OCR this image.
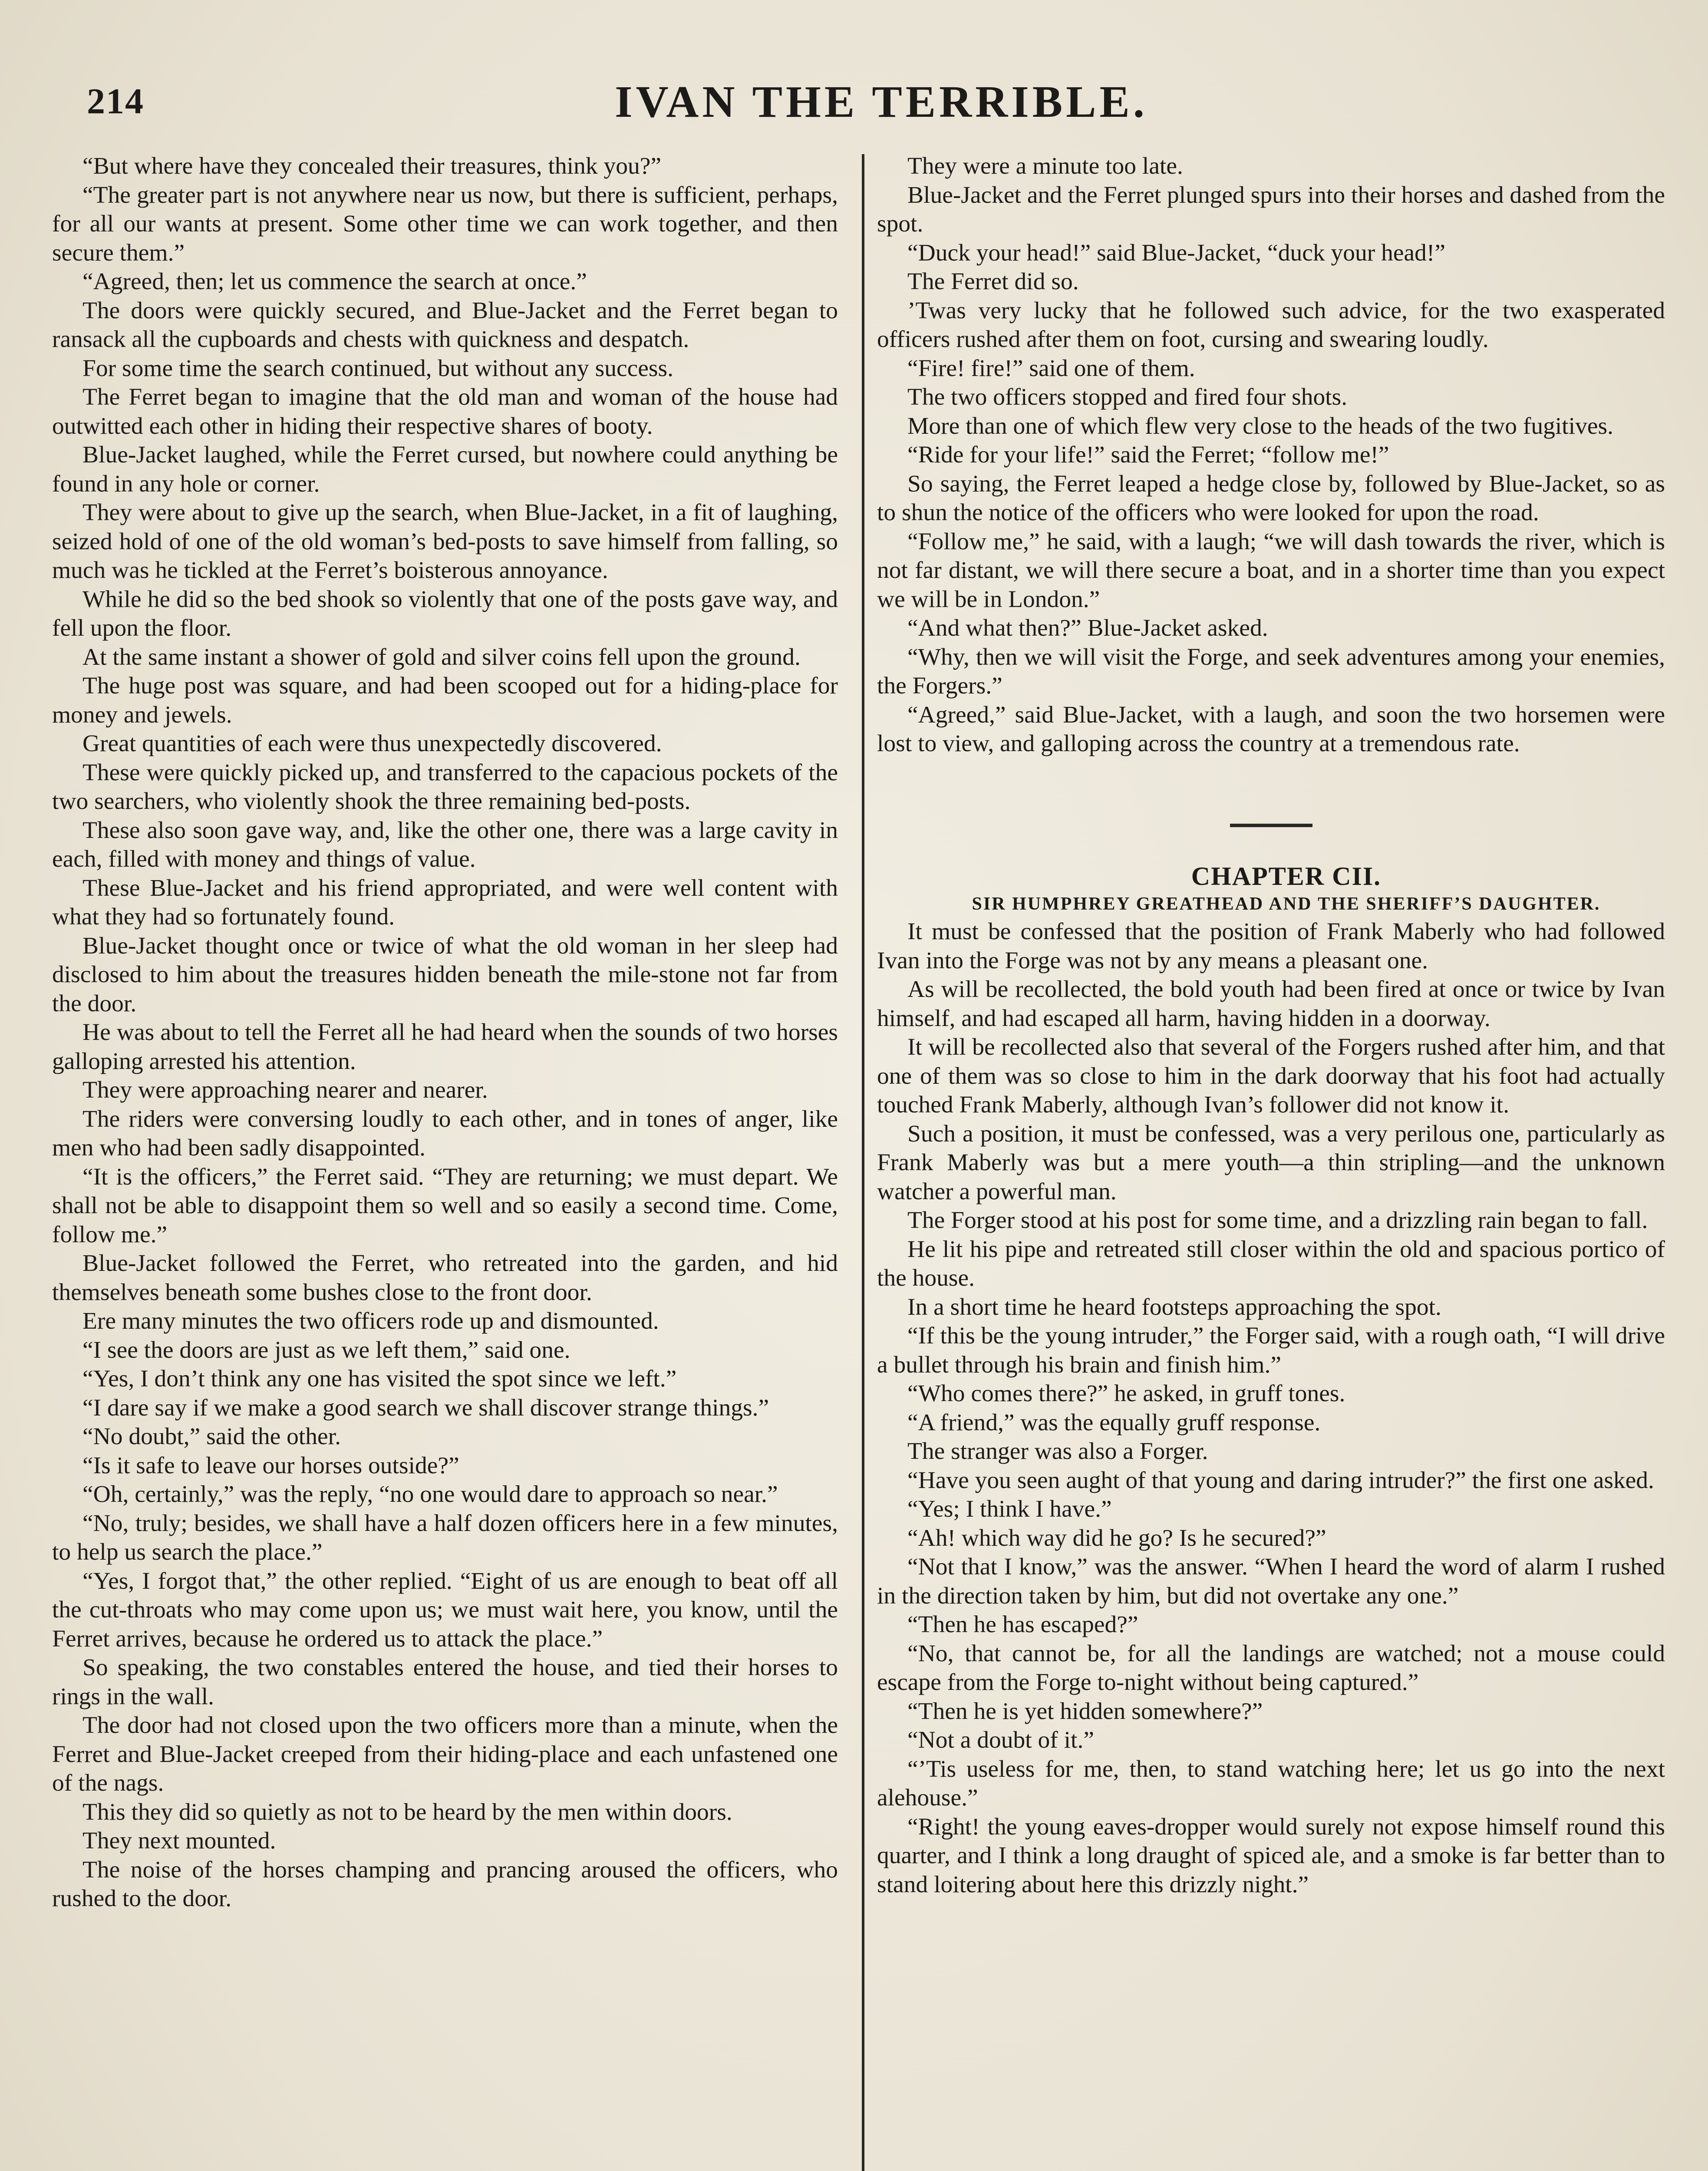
214	IVAN THE TERRIBLE.

“But where have they concealed their treasures, think you?”

“The greater part is not anywhere near us now, but there is sufficient, perhaps, for all our wants at present. Some other time we can work together, and then secure them.”

“Agreed, then; let us commence the search at once.”

The doors were quickly secured, and Blue-Jacket and the Ferret began to ransack all the cupboards and chests with quickness and despatch.

For some time the search continued, but without any success.

The Ferret began to imagine that the old man and woman of the house had outwitted each other in hiding their respective shares of booty.

Blue-Jacket laughed, while the Ferret cursed, but nowhere could anything be found in any hole or corner.

They were about to give up the search, when Blue-Jacket, in a fit of laughing, seized hold of one of the old woman’s bed-posts to save himself from falling, so much was he tickled at the Ferret’s boisterous annoyance.

While he did so the bed shook so violently that one of the posts gave way, and fell upon the floor.

At the same instant a shower of gold and silver coins fell upon the ground.

The huge post was square, and had been scooped out for a hiding-place for money and jewels.

Great quantities of each were thus unexpectedly discovered.

These were quickly picked up, and transferred to the capacious pockets of the two searchers, who violently shook the three remaining bed-posts.

These also soon gave way, and, like the other one, there was a large cavity in each, filled with money and things of value.

These Blue-Jacket and his friend appropriated, and were well content with what they had so fortunately found.

Blue-Jacket thought once or twice of what the old woman in her sleep had disclosed to him about the treasures hidden beneath the mile-stone not far from the door.

He was about to tell the Ferret all he had heard when the sounds of two horses galloping arrested his attention.

They were approaching nearer and nearer.

The riders were conversing loudly to each other, and in tones of anger, like men who had been sadly disappointed.

“It is the officers,” the Ferret said. “They are returning; we must depart. We shall not be able to disappoint them so well and so easily a second time. Come, follow me.”

Blue-Jacket followed the Ferret, who retreated into the garden, and hid themselves beneath some bushes close to the front door.

Ere many minutes the two officers rode up and dismounted.

“I see the doors are just as we left them,” said one.

“Yes, I don’t think any one has visited the spot since we left.”

“I dare say if we make a good search we shall discover strange things.”

“No doubt,” said the other.

“Is it safe to leave our horses outside?”

“Oh, certainly,” was the reply, “no one would dare to approach so near.”

“No, truly; besides, we shall have a half dozen officers here in a few minutes, to help us search the place.”

“Yes, I forgot that,” the other replied. “Eight of us are enough to beat off all the cut-throats who may come upon us; we must wait here, you know, until the Ferret arrives, because he ordered us to attack the place.”

So speaking, the two constables entered the house, and tied their horses to rings in the wall.

The door had not closed upon the two officers more than a minute, when the Ferret and Blue-Jacket creeped from their hiding-place and each unfastened one of the nags.

This they did so quietly as not to be heard by the men within doors.

They next mounted.

The noise of the horses champing and prancing aroused the officers, who rushed to the door.

They were a minute too late.

Blue-Jacket and the Ferret plunged spurs into their horses and dashed from the spot.

“Duck your head!” said Blue-Jacket, “duck your head!”

The Ferret did so.

’Twas very lucky that he followed such advice, for the two exasperated officers rushed after them on foot, cursing and swearing loudly.

“Fire! fire!” said one of them.

The two officers stopped and fired four shots.

More than one of which flew very close to the heads of the two fugitives.

“Ride for your life!” said the Ferret; “follow me!”

So saying, the Ferret leaped a hedge close by, followed by Blue-Jacket, so as to shun the notice of the officers who were looked for upon the road.

“Follow me,” he said, with a laugh; “we will dash towards the river, which is not far distant, we will there secure a boat, and in a shorter time than you expect we will be in London.”

“And what then?” Blue-Jacket asked.

“Why, then we will visit the Forge, and seek adventures among your enemies, the Forgers.”

“Agreed,” said Blue-Jacket, with a laugh, and soon the two horsemen were lost to view, and galloping across the country at a tremendous rate.

CHAPTER CII.

SIR HUMPHREY GREATHEAD AND THE SHERIFF’S DAUGHTER.

It must be confessed that the position of Frank Maberly who had followed Ivan into the Forge was not by any means a pleasant one.

As will be recollected, the bold youth had been fired at once or twice by Ivan himself, and had escaped all harm, having hidden in a doorway.

It will be recollected also that several of the Forgers rushed after him, and that one of them was so close to him in the dark doorway that his foot had actually touched Frank Maberly, although Ivan’s follower did not know it.

Such a position, it must be confessed, was a very perilous one, particularly as Frank Maberly was but a mere youth—a thin stripling—and the unknown watcher a powerful man.

The Forger stood at his post for some time, and a drizzling rain began to fall.

He lit his pipe and retreated still closer within the old and spacious portico of the house.

In a short time he heard footsteps approaching the spot.

“If this be the young intruder,” the Forger said, with a rough oath, “I will drive a bullet through his brain and finish him.”

“Who comes there?” he asked, in gruff tones.

“A friend,” was the equally gruff response.

The stranger was also a Forger.

“Have you seen aught of that young and daring intruder?” the first one asked.

“Yes; I think I have.”

“Ah! which way did he go? Is he secured?”

“Not that I know,” was the answer. “When I heard the word of alarm I rushed in the direction taken by him, but did not overtake any one.”

“Then he has escaped?”

“No, that cannot be, for all the landings are watched; not a mouse could escape from the Forge to-night without being captured.”

“Then he is yet hidden somewhere?”

“Not a doubt of it.”

“’Tis useless for me, then, to stand watching here; let us go into the next alehouse.”

“Right! the young eaves-dropper would surely not expose himself round this quarter, and I think a long draught of spiced ale, and a smoke is far better than to stand loitering about here this drizzly night.”
